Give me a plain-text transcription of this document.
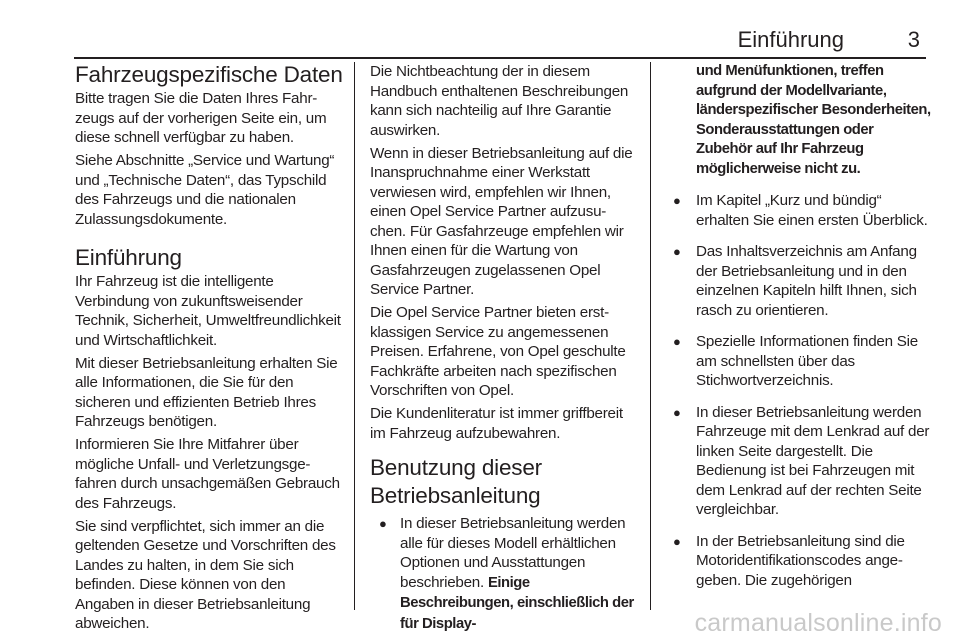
Einführung	3
Fahrzeugspezifische Daten

Bitte tragen Sie die Daten Ihres Fahrzeugs auf der vorherigen Seite ein, um diese schnell verfügbar zu haben.

Siehe Abschnitte „Service und Wartung“ und „Technische Daten“, das Typschild des Fahrzeugs und die nationalen Zulassungsdokumente.

Einführung

Ihr Fahrzeug ist die intelligente Verbindung von zukunftsweisender Technik, Sicherheit, Umweltfreundlichkeit und Wirtschaftlichkeit.

Mit dieser Betriebsanleitung erhalten Sie alle Informationen, die Sie für den sicheren und effizienten Betrieb Ihres Fahrzeugs benötigen.

Informieren Sie Ihre Mitfahrer über mögliche Unfall- und Verletzungsgefahren durch unsachgemäßen Gebrauch des Fahrzeugs.

Sie sind verpflichtet, sich immer an die geltenden Gesetze und Vorschriften des Landes zu halten, in dem Sie sich befinden. Diese können von den Angaben in dieser Betriebsanleitung abweichen.

Die Nichtbeachtung der in diesem Handbuch enthaltenen Beschreibungen kann sich nachteilig auf Ihre Garantie auswirken.

Wenn in dieser Betriebsanleitung auf die Inanspruchnahme einer Werkstatt verwiesen wird, empfehlen wir Ihnen, einen Opel Service Partner aufzusuchen. Für Gasfahrzeuge empfehlen wir Ihnen einen für die Wartung von Gasfahrzeugen zugelassenen Opel Service Partner.

Die Opel Service Partner bieten erstklassigen Service zu angemessenen Preisen. Erfahrene, von Opel geschulte Fachkräfte arbeiten nach spezifischen Vorschriften von Opel.

Die Kundenliteratur ist immer griffbereit im Fahrzeug aufzubewahren.

Benutzung dieser Betriebsanleitung
● In dieser Betriebsanleitung werden alle für dieses Modell erhältlichen Optionen und Ausstattungen beschrieben. Einige Beschreibungen, einschließlich der für Display-
und Menüfunktionen, treffen aufgrund der Modellvariante, länderspezifischer Besonderheiten, Sonderausstattungen oder Zubehör auf Ihr Fahrzeug möglicherweise nicht zu.
● Im Kapitel „Kurz und bündig“ erhalten Sie einen ersten Überblick.
● Das Inhaltsverzeichnis am Anfang der Betriebsanleitung und in den einzelnen Kapiteln hilft Ihnen, sich rasch zu orientieren.
● Spezielle Informationen finden Sie am schnellsten über das Stichwortverzeichnis.
● In dieser Betriebsanleitung werden Fahrzeuge mit dem Lenkrad auf der linken Seite dargestellt. Die Bedienung ist bei Fahrzeugen mit dem Lenkrad auf der rechten Seite vergleichbar.
● In der Betriebsanleitung sind die Motoridentifikationscodes angegeben. Die zugehörigen
carmanualsonline.info
